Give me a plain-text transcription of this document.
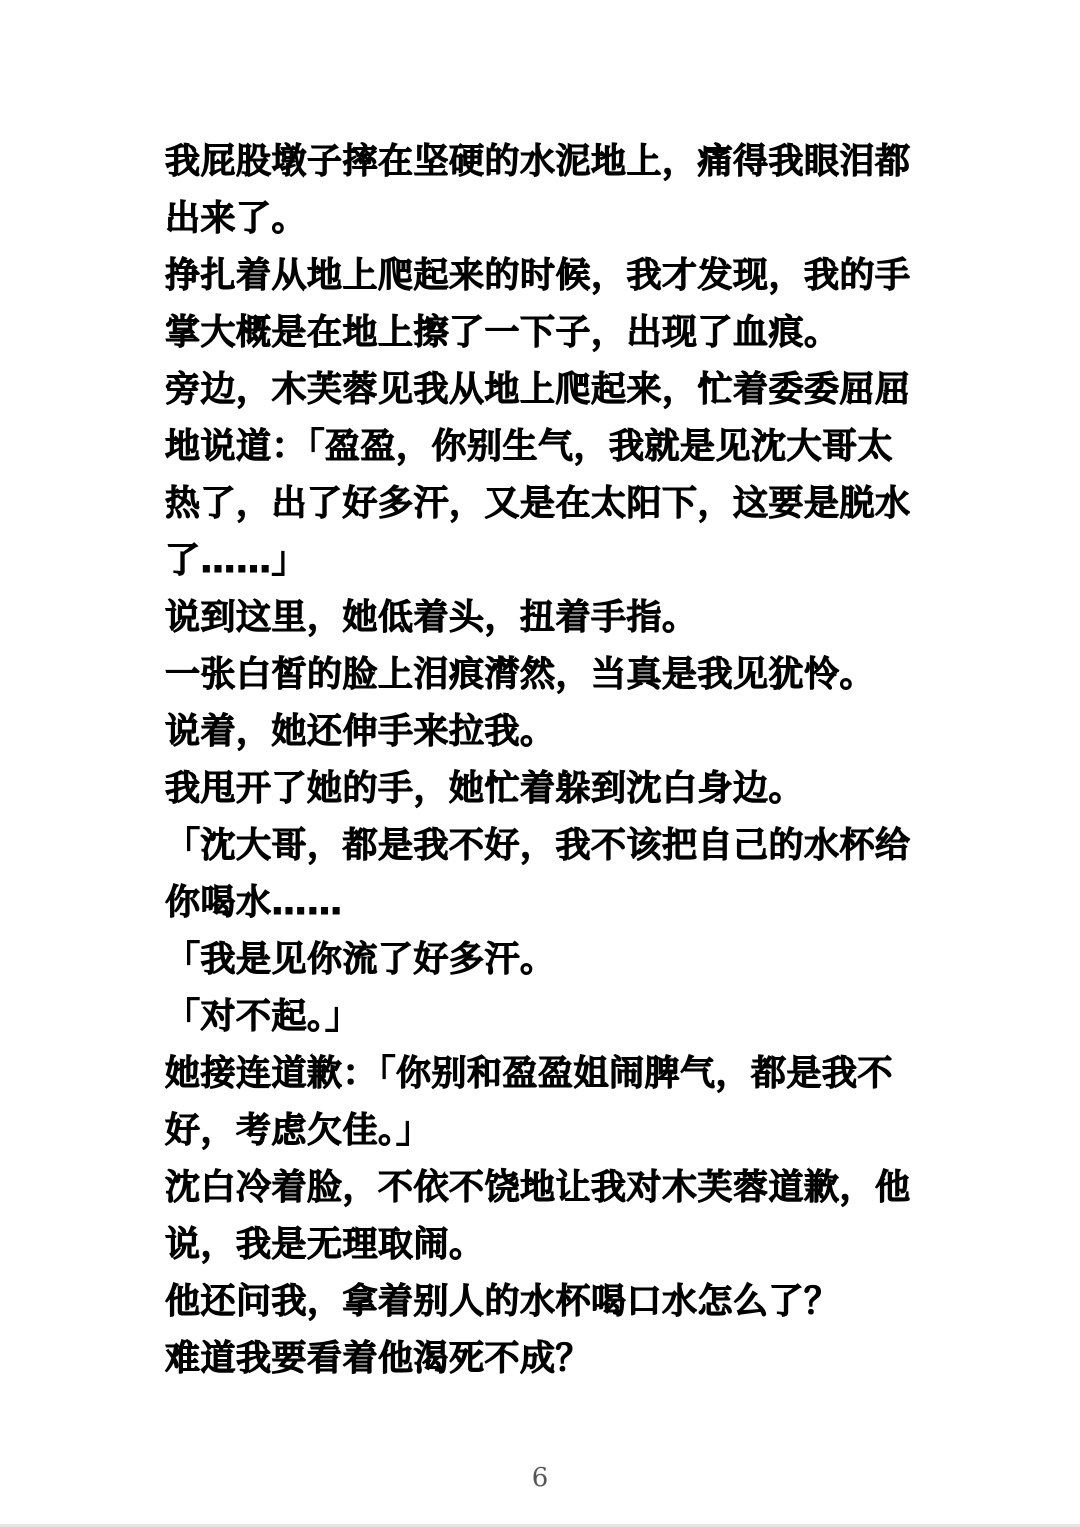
我屁股墩子摔在坚硬的水泥地上，痛得我眼泪都
出来了。
挣扎着从地上爬起来的时候，我才发现，我的手
掌大概是在地上擦了一下子，出现了血痕。
旁边，木芙蓉见我从地上爬起来，忙着委委屈屈
地说道：「盈盈，你别生气，我就是见沈大哥太
热了，出了好多汗，又是在太阳下，这要是脱水
了……」
说到这里，她低着头，扭着手指。
一张白皙的脸上泪痕潸然，当真是我见犹怜。
说着，她还伸手来拉我。
我甩开了她的手，她忙着躲到沈白身边。
「沈大哥，都是我不好，我不该把自己的水杯给
你喝水……
「我是见你流了好多汗。
「对不起。」
她接连道歉：「你别和盈盈姐闹脾气，都是我不
好，考虑欠佳。」
沈白冷着脸，不依不饶地让我对木芙蓉道歉，他
说，我是无理取闹。
他还问我，拿着别人的水杯喝口水怎么了？
难道我要看着他渴死不成？
6
